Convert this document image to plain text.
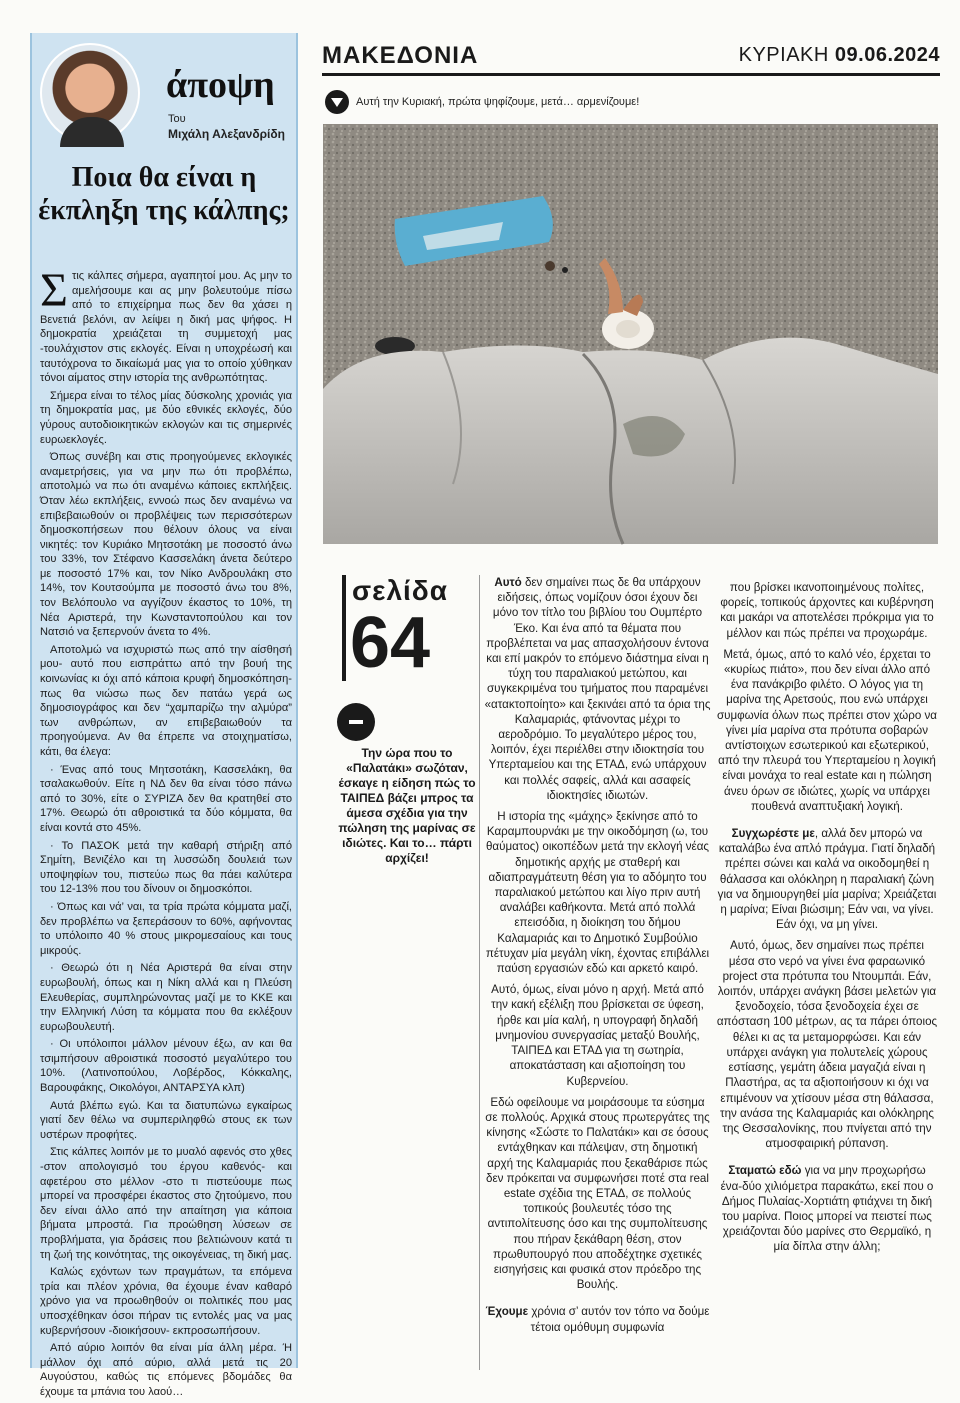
άποψη
Του
Μιχάλη Αλεξανδρίδη
Ποια θα είναι η έκπληξη της κάλπης;

Στις κάλπες σήμερα, αγαπητοί μου. Ας μην το αμελήσουμε και ας μην βολευτούμε πίσω από το επιχείρημα πως δεν θα χάσει η Βενετιά βελόνι, αν λείψει η δική μας ψήφος. Η δημοκρατία χρειάζεται τη συμμετοχή μας -τουλάχιστον στις εκλογές. Είναι η υποχρέωσή και ταυτόχρονα το δικαίωμά μας για το οποίο χύθηκαν τόνοι αίματος στην ιστορία της ανθρωπότητας.

Σήμερα είναι το τέλος μίας δύσκολης χρονιάς για τη δημοκρατία μας, με δύο εθνικές εκλογές, δύο γύρους αυτοδιοικητικών εκλογών και τις σημερινές ευρωεκλογές.

Όπως συνέβη και στις προηγούμενες εκλογικές αναμετρήσεις, για να μην πω ότι προβλέπω, αποτολμώ να πω ότι αναμένω κάποιες εκπλήξεις. Όταν λέω εκπλήξεις, εννοώ πως δεν αναμένω να επιβεβαιωθούν οι προβλέψεις των περισσότερων δημοσκοπήσεων που θέλουν όλους να είναι νικητές: τον Κυριάκο Μητσοτάκη με ποσοστό άνω του 33%, τον Στέφανο Κασσελάκη άνετα δεύτερο με ποσοστό 17% και, τον Νίκο Ανδρουλάκη στο 14%, τον Κουτσούμπα με ποσοστό άνω του 8%, τον Βελόπουλο να αγγίζουν έκαστος το 10%, τη Νέα Αριστερά, την Κωνσταντοπούλου και τον Νατσιό να ξεπερνούν άνετα το 4%.

Αποτολμώ να ισχυριστώ πως από την αίσθησή μου- αυτό που εισπράττω από την βουή της κοινωνίας κι όχι από κάποια κρυφή δημοσκόπηση- πως θα νιώσω πως δεν πατάω γερά ως δημοσιογράφος και δεν “χαμπαρίζω την αλμύρα” των ανθρώπων, αν επιβεβαιωθούν τα προηγούμενα. Αν θα έπρεπε να στοιχηματίσω, κάτι, θα έλεγα:

· Ένας από τους Μητσοτάκη, Κασσελάκη, θα τσαλακωθούν. Είτε η ΝΔ δεν θα είναι τόσο πάνω από το 30%, είτε ο ΣΥΡΙΖΑ δεν θα κρατηθεί στο 17%. Θεωρώ ότι αθροιστικά τα δύο κόμματα, θα είναι κοντά στο 45%.

· Το ΠΑΣΟΚ μετά την καθαρή στήριξη από Σημίτη, Βενιζέλο και τη λυσσώδη δουλειά των υποψηφίων του, πιστεύω πως θα πάει καλύτερα του 12-13% που του δίνουν οι δημοσκόποι.

· Όπως και νά’ ναι, τα τρία πρώτα κόμματα μαζί, δεν προβλέπω να ξεπεράσουν το 60%, αφήνοντας το υπόλοιπο 40 % στους μικρομεσαίους και τους μικρούς.

· Θεωρώ ότι η Νέα Αριστερά θα είναι στην ευρωβουλή, όπως και η Νίκη αλλά και η Πλεύση Ελευθερίας, συμπληρώνοντας μαζί με το ΚΚΕ και την Ελληνική Λύση τα κόμματα που θα εκλέξουν ευρωβουλευτή.

· Οι υπόλοιποι μάλλον μένουν έξω, αν και θα τσιμπήσουν αθροιστικά ποσοστό μεγαλύτερο του 10%. (Λατινοπούλου, Λοβέρδος, Κόκκαλης, Βαρουφάκης, Οικολόγοι, ΑΝΤΑΡΣΥΑ κλπ)

Αυτά βλέπω εγώ. Και τα διατυπώνω εγκαίρως γιατί δεν θέλω να συμπεριληφθώ στους εκ των υστέρων προφήτες.

Στις κάλπες λοιπόν με το μυαλό αφενός στο χθες -στον απολογισμό του έργου καθενός- και αφετέρου στο μέλλον -στο τι πιστεύουμε πως μπορεί να προσφέρει έκαστος στο ζητούμενο, που δεν είναι άλλο από την απαίτηση για κάποια βήματα μπροστά. Για προώθηση λύσεων σε προβλήματα, για δράσεις που βελτιώνουν κατά τι τη ζωή της κοινότητας, της οικογένειας, τη δική μας.

Καλώς εχόντων των πραγμάτων, τα επόμενα τρία και πλέον χρόνια, θα έχουμε έναν καθαρό χρόνο για να προωθηθούν οι πολιτικές που μας υποσχέθηκαν όσοι πήραν τις εντολές μας να μας κυβερνήσουν -διοικήσουν- εκπροσωπήσουν.

Από αύριο λοιπόν θα είναι μία άλλη μέρα. Ή μάλλον όχι από αύριο, αλλά μετά τις 20 Αυγούστου, καθώς τις επόμενες βδομάδες θα έχουμε τα μπάνια του λαού…

ΜΑΚΕΔΟΝΙΑ	ΚΥΡΙΑΚΗ 09.06.2024
Αυτή την Κυριακή, πρώτα ψηφίζουμε, μετά… αρμενίζουμε!
σελίδα
64
Την ώρα που το «Παλατάκι» σωζόταν, έσκαγε η είδηση πώς το ΤΑΙΠΕΔ βάζει μπρος τα άμεσα σχέδια για την πώληση της μαρίνας σε ιδιώτες. Και το… πάρτι αρχίζει!

Αυτό δεν σημαίνει πως δε θα υπάρχουν ειδήσεις, όπως νομίζουν όσοι έχουν δει μόνο τον τίτλο του βιβλίου του Ουμπέρτο Έκο. Και ένα από τα θέματα που προβλέπεται να μας απασχολήσουν έντονα και επί μακρόν το επόμενο διάστημα είναι η τύχη του παραλιακού μετώπου, και συγκεκριμένα του τμήματος που παραμένει «ατακτοποίητο» και ξεκινάει από τα όρια της Καλαμαριάς, φτάνοντας μέχρι το αεροδρόμιο. Το μεγαλύτερο μέρος του, λοιπόν, έχει περιέλθει στην ιδιοκτησία του Υπερταμείου και της ΕΤΑΔ, ενώ υπάρχουν και πολλές σαφείς, αλλά και ασαφείς ιδιοκτησίες ιδιωτών.

Η ιστορία της «μάχης» ξεκίνησε από το Καραμπουρνάκι με την οικοδόμηση (ω, του θαύματος) οικοπέδων μετά την εκλογή νέας δημοτικής αρχής με σταθερή και αδιαπραγμάτευτη θέση για το αδόμητο του παραλιακού μετώπου και λίγο πριν αυτή αναλάβει καθήκοντα. Μετά από πολλά επεισόδια, η διοίκηση του δήμου Καλαμαριάς και το Δημοτικό Συμβούλιο πέτυχαν μία μεγάλη νίκη, έχοντας επιβάλλει παύση εργασιών εδώ και αρκετό καιρό.

Αυτό, όμως, είναι μόνο η αρχή. Μετά από την κακή εξέλιξη που βρίσκεται σε ύφεση, ήρθε και μία καλή, η υπογραφή δηλαδή μνημονίου συνεργασίας μεταξύ Βουλής, ΤΑΙΠΕΔ και ΕΤΑΔ για τη σωτηρία, αποκατάσταση και αξιοποίηση του Κυβερνείου.

Εδώ οφείλουμε να μοιράσουμε τα εύσημα σε πολλούς. Αρχικά στους πρωτεργάτες της κίνησης «Σώστε το Παλατάκι» και σε όσους εντάχθηκαν και πάλεψαν, στη δημοτική αρχή της Καλαμαριάς που ξεκαθάρισε πώς δεν πρόκειται να συμφωνήσει ποτέ στα real estate σχέδια της ΕΤΑΔ, σε πολλούς τοπικούς βουλευτές τόσο της αντιπολίτευσης όσο και της συμπολίτευσης που πήραν ξεκάθαρη θέση, στον πρωθυπουργό που αποδέχτηκε σχετικές εισηγήσεις και φυσικά στον πρόεδρο της Βουλής.

Έχουμε χρόνια σ’ αυτόν τον τόπο να δούμε τέτοια ομόθυμη συμφωνία

που βρίσκει ικανοποιημένους πολίτες, φορείς, τοπικούς άρχοντες και κυβέρνηση και μακάρι να αποτελέσει πρόκριμα για το μέλλον και πώς πρέπει να προχωράμε.

Μετά, όμως, από το καλό νέο, έρχεται το «κυρίως πιάτο», που δεν είναι άλλο από ένα πανάκριβο φιλέτο. Ο λόγος για τη μαρίνα της Αρετσούς, που ενώ υπάρχει συμφωνία όλων πως πρέπει στον χώρο να γίνει μία μαρίνα στα πρότυπα σοβαρών αντίστοιχων εσωτερικού και εξωτερικού, από την πλευρά του Υπερταμείου η λογική είναι μονάχα το real estate και η πώληση άνευ όρων σε ιδιώτες, χωρίς να υπάρχει πουθενά αναπτυξιακή λογική.

Συγχωρέστε με, αλλά δεν μπορώ να καταλάβω ένα απλό πράγμα. Γιατί δηλαδή πρέπει σώνει και καλά να οικοδομηθεί η θάλασσα και ολόκληρη η παραλιακή ζώνη για να δημιουργηθεί μία μαρίνα; Χρειάζεται η μαρίνα; Είναι βιώσιμη; Εάν ναι, να γίνει. Εάν όχι, να μη γίνει.

Αυτό, όμως, δεν σημαίνει πως πρέπει μέσα στο νερό να γίνει ένα φαραωνικό project στα πρότυπα του Ντουμπάι. Εάν, λοιπόν, υπάρχει ανάγκη βάσει μελετών για ξενοδοχείο, τόσα ξενοδοχεία έχει σε απόσταση 100 μέτρων, ας τα πάρει όποιος θέλει κι ας τα μεταμορφώσει. Και εάν υπάρχει ανάγκη για πολυτελείς χώρους εστίασης, γεμάτη άδεια μαγαζιά είναι η Πλαστήρα, ας τα αξιοποιήσουν κι όχι να επιμένουν να χτίσουν μέσα στη θάλασσα, την ανάσα της Καλαμαριάς και ολόκληρης της Θεσσαλονίκης, που πνίγεται από την ατμοσφαιρική ρύπανση.

Σταματώ εδώ για να μην προχωρήσω ένα-δύο χιλιόμετρα παρακάτω, εκεί που ο Δήμος Πυλαίας-Χορτιάτη φτιάχνει τη δική του μαρίνα. Ποιος μπορεί να πειστεί πως χρειάζονται δύο μαρίνες στο Θερμαϊκό, η μία δίπλα στην άλλη;
